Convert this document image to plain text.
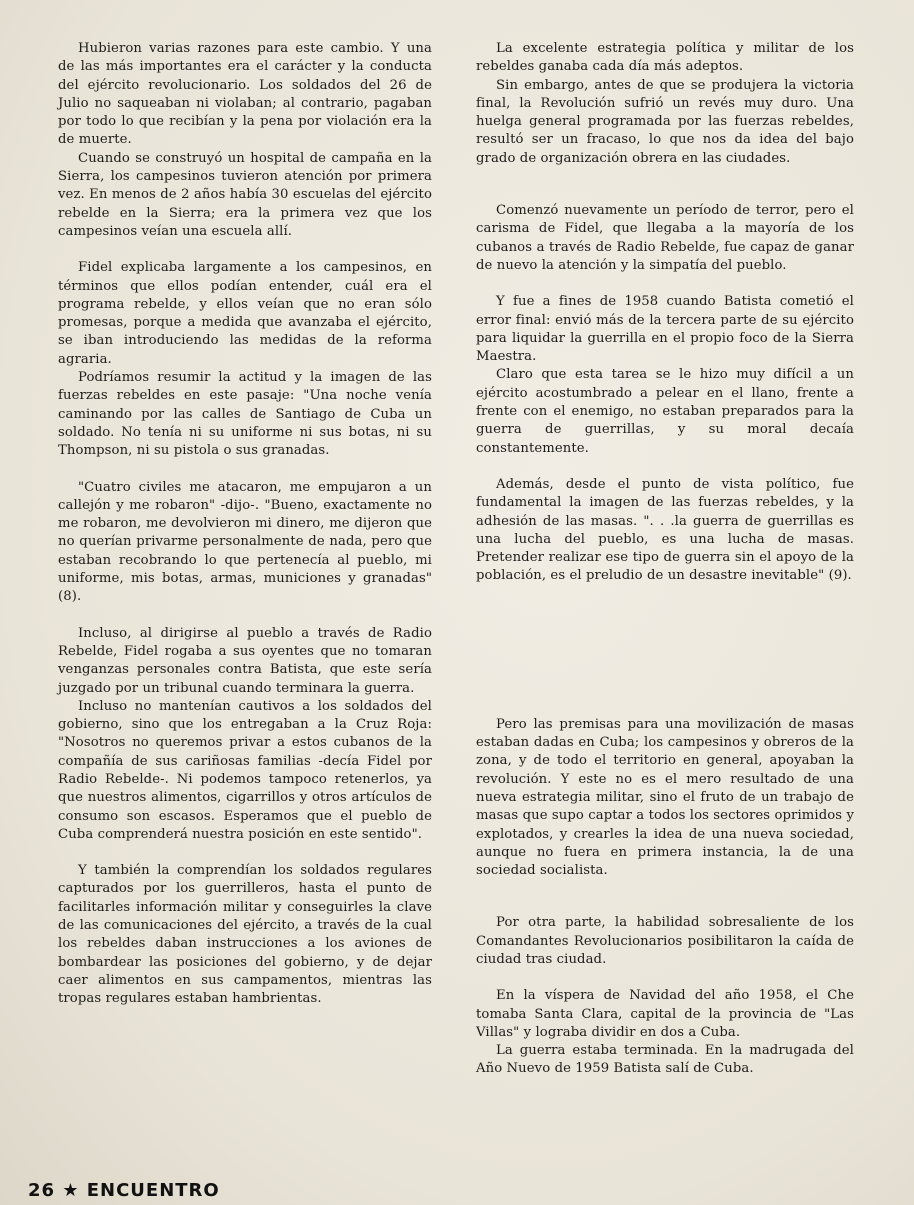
Hubieron varias razones para este cambio. Y una de las más importantes era el carácter y la conducta del ejército revolucionario. Los soldados del 26 de Julio no saqueaban ni violaban; al contrario, pagaban por todo lo que recibían y la pena por violación era la de muerte.

Cuando se construyó un hospital de campaña en la Sierra, los campesinos tuvieron atención por primera vez. En menos de 2 años había 30 escuelas del ejército rebelde en la Sierra; era la primera vez que los campesinos veían una escuela allí.

Fidel explicaba largamente a los campesinos, en términos que ellos podían entender, cuál era el programa rebelde, y ellos veían que no eran sólo promesas, porque a medida que avanzaba el ejército, se iban introduciendo las medidas de la reforma agraria.

Podríamos resumir la actitud y la imagen de las fuerzas rebeldes en este pasaje: "Una noche venía caminando por las calles de Santiago de Cuba un soldado. No tenía ni su uniforme ni sus botas, ni su Thompson, ni su pistola o sus granadas.

"Cuatro civiles me atacaron, me empujaron a un callejón y me robaron" -dijo-. "Bueno, exactamente no me robaron, me devolvieron mi dinero, me dijeron que no querían privarme personalmente de nada, pero que estaban recobrando lo que pertenecía al pueblo, mi uniforme, mis botas, armas, municiones y granadas" (8).

Incluso, al dirigirse al pueblo a través de Radio Rebelde, Fidel rogaba a sus oyentes que no tomaran venganzas personales contra Batista, que este sería juzgado por un tribunal cuando terminara la guerra.

Incluso no mantenían cautivos a los soldados del gobierno, sino que los entregaban a la Cruz Roja: "Nosotros no queremos privar a estos cubanos de la compañía de sus cariñosas familias -decía Fidel por Radio Rebelde-. Ni podemos tampoco retenerlos, ya que nuestros alimentos, cigarrillos y otros artículos de consumo son escasos. Esperamos que el pueblo de Cuba comprenderá nuestra posición en este sentido".

Y también la comprendían los soldados regulares capturados por los guerrilleros, hasta el punto de facilitarles información militar y conseguirles la clave de las comunicaciones del ejército, a través de la cual los rebeldes daban instrucciones a los aviones de bombardear las posiciones del gobierno, y de dejar caer alimentos en sus campamentos, mientras las tropas regulares estaban hambrientas.

La excelente estrategia política y militar de los rebeldes ganaba cada día más adeptos.

Sin embargo, antes de que se produjera la victoria final, la Revolución sufrió un revés muy duro. Una huelga general programada por las fuerzas rebeldes, resultó ser un fracaso, lo que nos da idea del bajo grado de organización obrera en las ciudades.

Comenzó nuevamente un período de terror, pero el carisma de Fidel, que llegaba a la mayoría de los cubanos a través de Radio Rebelde, fue capaz de ganar de nuevo la atención y la simpatía del pueblo.

Y fue a fines de 1958 cuando Batista cometió el error final: envió más de la tercera parte de su ejército para liquidar la guerrilla en el propio foco de la Sierra Maestra.

Claro que esta tarea se le hizo muy difícil a un ejército acostumbrado a pelear en el llano, frente a frente con el enemigo, no estaban preparados para la guerra de guerrillas, y su moral decaía constantemente.

Además, desde el punto de vista político, fue fundamental la imagen de las fuerzas rebeldes, y la adhesión de las masas. ". . .la guerra de guerrillas es una lucha del pueblo, es una lucha de masas. Pretender realizar ese tipo de guerra sin el apoyo de la población, es el preludio de un desastre inevitable" (9).

Pero las premisas para una movilización de masas estaban dadas en Cuba; los campesinos y obreros de la zona, y de todo el territorio en general, apoyaban la revolución. Y este no es el mero resultado de una nueva estrategia militar, sino el fruto de un trabajo de masas que supo captar a todos los sectores oprimidos y explotados, y crearles la idea de una nueva sociedad, aunque no fuera en primera instancia, la de una sociedad socialista.

Por otra parte, la habilidad sobresaliente de los Comandantes Revolucionarios posibilitaron la caída de ciudad tras ciudad.

En la víspera de Navidad del año 1958, el Che tomaba Santa Clara, capital de la provincia de "Las Villas" y lograba dividir en dos a Cuba.

La guerra estaba terminada. En la madrugada del Año Nuevo de 1959 Batista salí de Cuba.

26 ★ ENCUENTRO
